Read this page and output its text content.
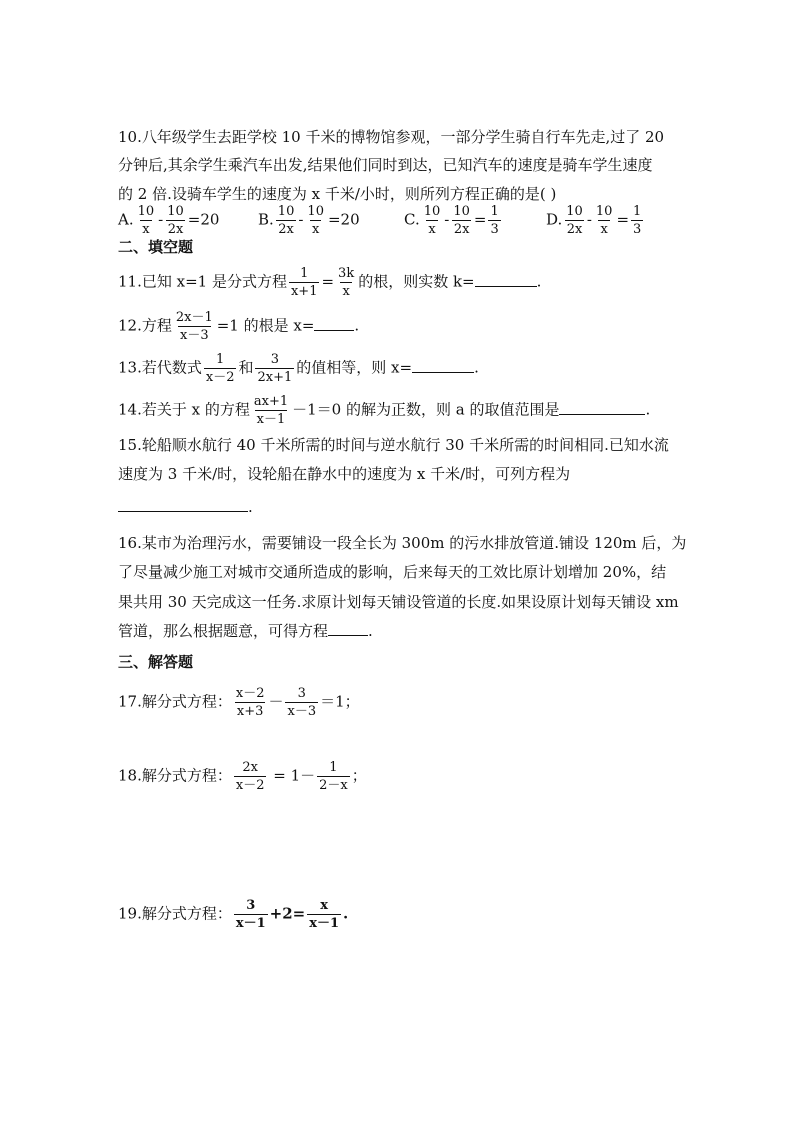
10.八年级学生去距学校 10 千米的博物馆参观，一部分学生骑自行车先走,过了 20
分钟后,其余学生乘汽车出发,结果他们同时到达，已知汽车的速度是骑车学生速度
的 2 倍.设骑车学生的速度为 x 千米/小时，则所列方程正确的是( )
A. $\frac{10}{x} - \frac{10}{2x} =20$	B. $\frac{10}{2x} - \frac{10}{x} =20$	C. $\frac{10}{x} - \frac{10}{2x} = \frac{1}{3}$	D. $\frac{10}{2x} - \frac{10}{x} = \frac{1}{3}$
二、填空题
11.已知 x=1 是分式方程 $\frac{1}{x+1} = \frac{3k}{x}$ 的根，则实数 k=	.
12.方程 $\frac{2x-1}{x-3} =1$ 的根是 x=	.
13.若代数式 $\frac{1}{x-2}$ 和 $\frac{3}{2x+1}$ 的值相等，则 x=	.
14.若关于 x 的方程 $\frac{ax+1}{x-1} -1=0$ 的解为正数，则 a 的取值范围是	.
15.轮船顺水航行 40 千米所需的时间与逆水航行 30 千米所需的时间相同.已知水流
速度为 3 千米/时，设轮船在静水中的速度为 x 千米/时，可列方程为
.
16.某市为治理污水，需要铺设一段全长为 300m 的污水排放管道.铺设 120m 后，为
了尽量减少施工对城市交通所造成的影响，后来每天的工效比原计划增加 20%，结
果共用 30 天完成这一任务.求原计划每天铺设管道的长度.如果设原计划每天铺设 xm
管道，那么根据题意，可得方程	.
三、解答题
17.解分式方程： $\frac{x-2}{x+3} - \frac{3}{x-3} =1$；
18.解分式方程： $\frac{2x}{x-2} = 1- \frac{1}{2-x}$ ；
19.解分式方程： $\frac{3}{x-1} +2= \frac{x}{x-1}$ .
